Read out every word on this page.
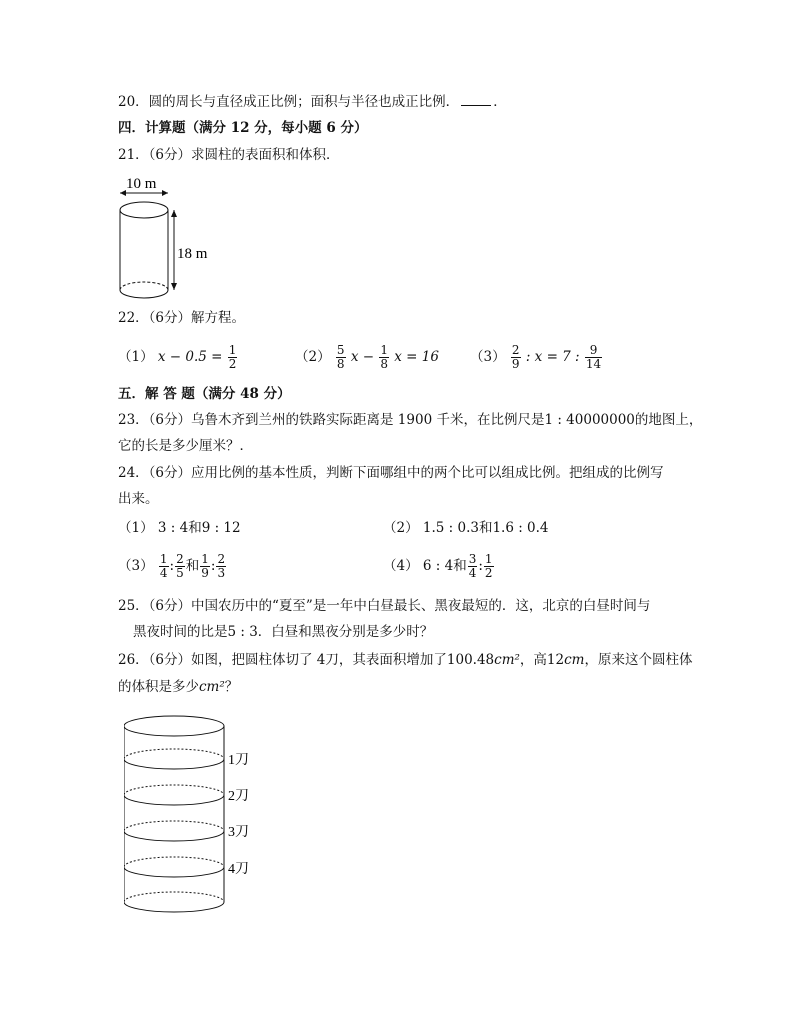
20．圆的周长与直径成正比例；面积与半径也成正比例．	．
四．计算题（满分 12 分，每小题 6 分）
21．（6分）求圆柱的表面积和体积．
10 m
18 m
22．（6分）解方程。
（1） $x - 0.5 = \frac{1}{2}$	$(2) \frac{5}{8}$ $x - \frac{1}{8}$ x = 16 $(3) \frac{2}{9}$ : x = 7 : $\frac{9}{14}$
五．解 答 题（满分 48 分）
23．（6分）乌鲁木齐到兰州的铁路实际距离是 1900 千米，在比例尺是1 : 40000000的地图上，
它的长是多少厘米？．
24．（6分）应用比例的基本性质，判断下面哪组中的两个比可以组成比例。把组成的比例写
出来。
（1） 3 : 4和9 : 12	（2） 1.5 : 0.3和1.6 : 0.4
$(3) \frac{1}{4}$ : $\frac{2}{5}$ 和 $\frac{1}{9}$ : $\frac{2}{3}$	（4） 6 : 4和 $\frac{3}{4}$ : $\frac{1}{2}$
25．（6分）中国农历中的“夏至”是一年中白昼最长、黑夜最短的．这，北京的白昼时间与
黑夜时间的比是5 : 3．白昼和黑夜分别是多少时？
26．（6分）如图，把圆柱体切了 4刀，其表面积增加了100.48cm²，高12cm，原来这个圆柱体
的体积是多少cm²？
1刀
2刀
3刀
4刀
